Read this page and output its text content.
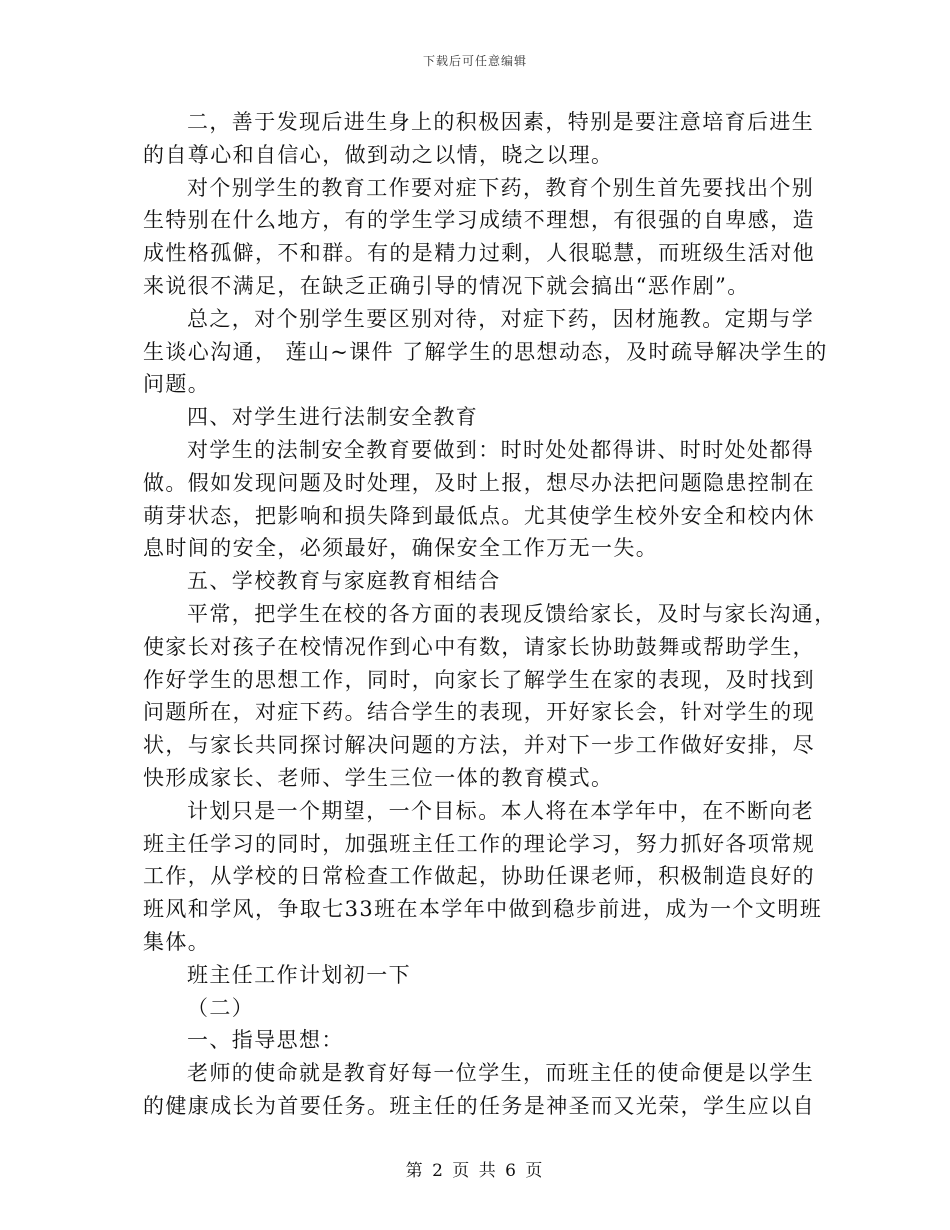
下载后可任意编辑

二，善于发现后进生身上的积极因素，特别是要注意培育后进生

的自尊心和自信心，做到动之以情，晓之以理。

对个别学生的教育工作要对症下药，教育个别生首先要找出个别

生特别在什么地方，有的学生学习成绩不理想，有很强的自卑感，造

成性格孤僻，不和群。有的是精力过剩，人很聪慧，而班级生活对他

来说很不满足，在缺乏正确引导的情况下就会搞出“恶作剧”。

总之，对个别学生要区别对待，对症下药，因材施教。定期与学

生谈心沟通， 莲山~课件 了解学生的思想动态，及时疏导解决学生的

问题。

四、对学生进行法制安全教育

对学生的法制安全教育要做到：时时处处都得讲、时时处处都得

做。假如发现问题及时处理，及时上报，想尽办法把问题隐患控制在

萌芽状态，把影响和损失降到最低点。尤其使学生校外安全和校内休

息时间的安全，必须最好，确保安全工作万无一失。

五、学校教育与家庭教育相结合

平常，把学生在校的各方面的表现反馈给家长，及时与家长沟通，

使家长对孩子在校情况作到心中有数，请家长协助鼓舞或帮助学生，

作好学生的思想工作，同时，向家长了解学生在家的表现，及时找到

问题所在，对症下药。结合学生的表现，开好家长会，针对学生的现

状，与家长共同探讨解决问题的方法，并对下一步工作做好安排，尽

快形成家长、老师、学生三位一体的教育模式。

计划只是一个期望，一个目标。本人将在本学年中，在不断向老

班主任学习的同时，加强班主任工作的理论学习，努力抓好各项常规

工作，从学校的日常检查工作做起，协助任课老师，积极制造良好的

班风和学风，争取七33班在本学年中做到稳步前进，成为一个文明班

集体。

班主任工作计划初一下

（二）

一、指导思想：

老师的使命就是教育好每一位学生，而班主任的使命便是以学生

的健康成长为首要任务。班主任的任务是神圣而又光荣，学生应以自

第 2 页 共 6 页
